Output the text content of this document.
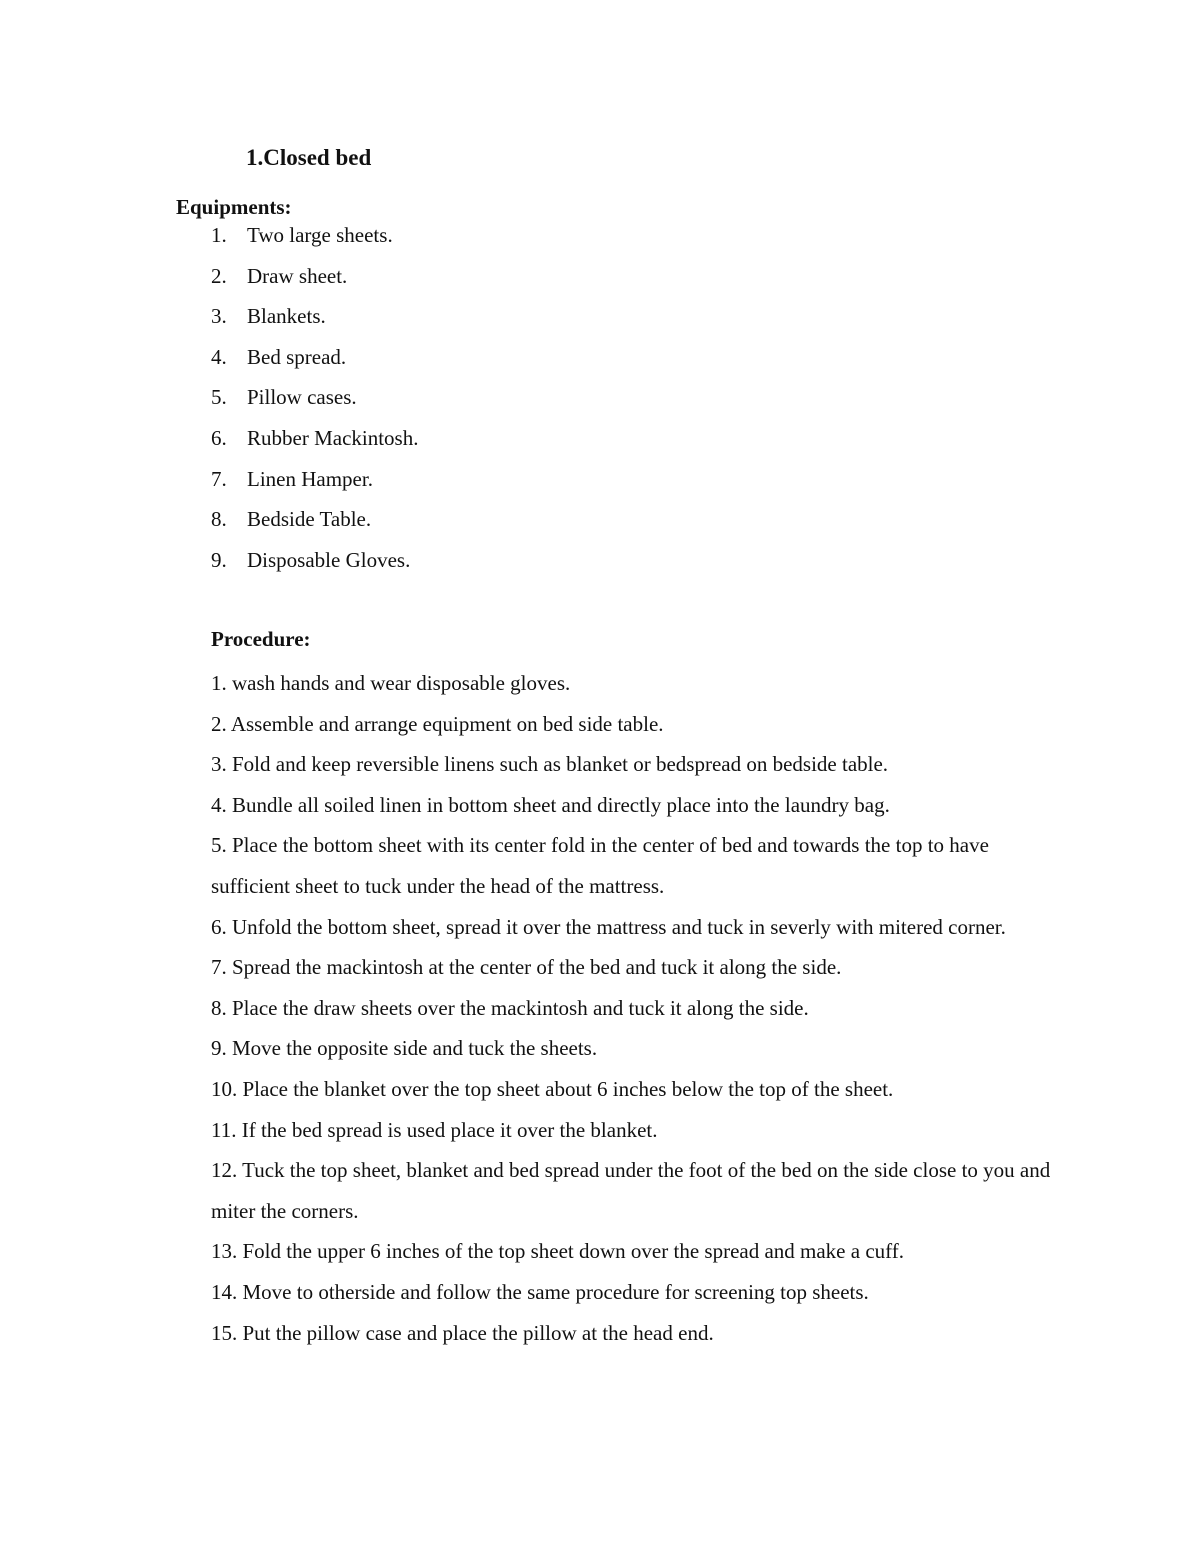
1.Closed bed
Equipments:
1. Two large sheets.
2. Draw sheet.
3. Blankets.
4. Bed spread.
5. Pillow cases.
6. Rubber Mackintosh.
7. Linen Hamper.
8. Bedside Table.
9. Disposable Gloves.
Procedure:
1. wash hands and wear disposable gloves.
2. Assemble and arrange equipment on bed side table.
3. Fold and keep reversible linens such as blanket or bedspread on bedside table.
4. Bundle all soiled linen in bottom sheet and directly place into the laundry bag.
5. Place the bottom sheet with its center fold in the center of bed and towards the top to have sufficient sheet to tuck under the head of the mattress.
6. Unfold the bottom sheet, spread it over the mattress and tuck in severly with mitered corner.
7. Spread the mackintosh at the center of the bed and tuck it along the side.
8. Place the draw sheets over the mackintosh and tuck it along the side.
9. Move the opposite side and tuck the sheets.
10. Place the blanket over the top sheet about 6 inches below the top of the sheet.
11. If the bed spread is used place it over the blanket.
12. Tuck the top sheet, blanket and bed spread under the foot of the bed on the side close to you and miter the corners.
13. Fold the upper 6 inches of the top sheet down over the spread and make a cuff.
14. Move to otherside and follow the same procedure for screening top sheets.
15. Put the pillow case and place the pillow at the head end.
